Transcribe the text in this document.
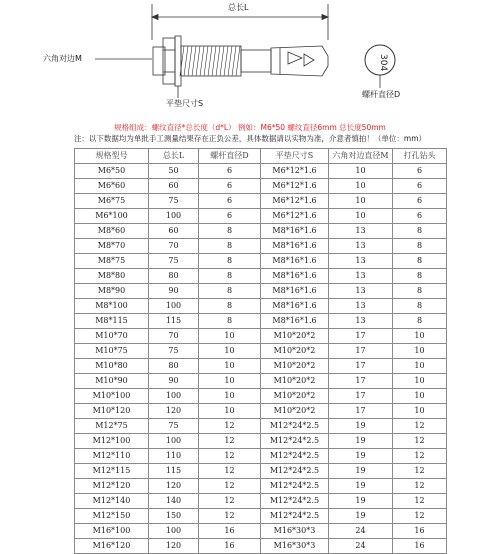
总长L
六角对边M
平垫尺寸S
螺杆直径D
304
规格组成：螺纹直径*总长度（d*L） 例如：M6*50 螺纹直径6mm 总长度50mm
注：以下数据均为单批手工测量结果存在正负公差，具体数据请以实物为准，介意者慎拍！（单位：mm）
规格型号	总长L	螺杆直径D	平垫尺寸S	六角对边直径M	打孔钻头
M6*50	50	6	M6*12*1.6	10	6
M6*60	60	6	M6*12*1.6	10	6
M6*75	75	6	M6*12*1.6	10	6
M6*100	100	6	M6*12*1.6	10	6
M8*60	60	8	M8*16*1.6	13	8
M8*70	70	8	M8*16*1.6	13	8
M8*75	75	8	M8*16*1.6	13	8
M8*80	80	8	M8*16*1.6	13	8
M8*90	90	8	M8*16*1.6	13	8
M8*100	100	8	M8*16*1.6	13	8
M8*115	115	8	M8*16*1.6	13	8
M10*70	70	10	M10*20*2	17	10
M10*75	75	10	M10*20*2	17	10
M10*80	80	10	M10*20*2	17	10
M10*90	90	10	M10*20*2	17	10
M10*100	100	10	M10*20*2	17	10
M10*120	120	10	M10*20*2	17	10
M12*75	75	12	M12*24*2.5	19	12
M12*100	100	12	M12*24*2.5	19	12
M12*110	110	12	M12*24*2.5	19	12
M12*115	115	12	M12*24*2.5	19	12
M12*120	120	12	M12*24*2.5	19	12
M12*140	140	12	M12*24*2.5	19	12
M12*150	150	12	M12*24*2.5	19	12
M16*100	100	16	M16*30*3	24	16
M16*120	120	16	M16*30*3	24	16
